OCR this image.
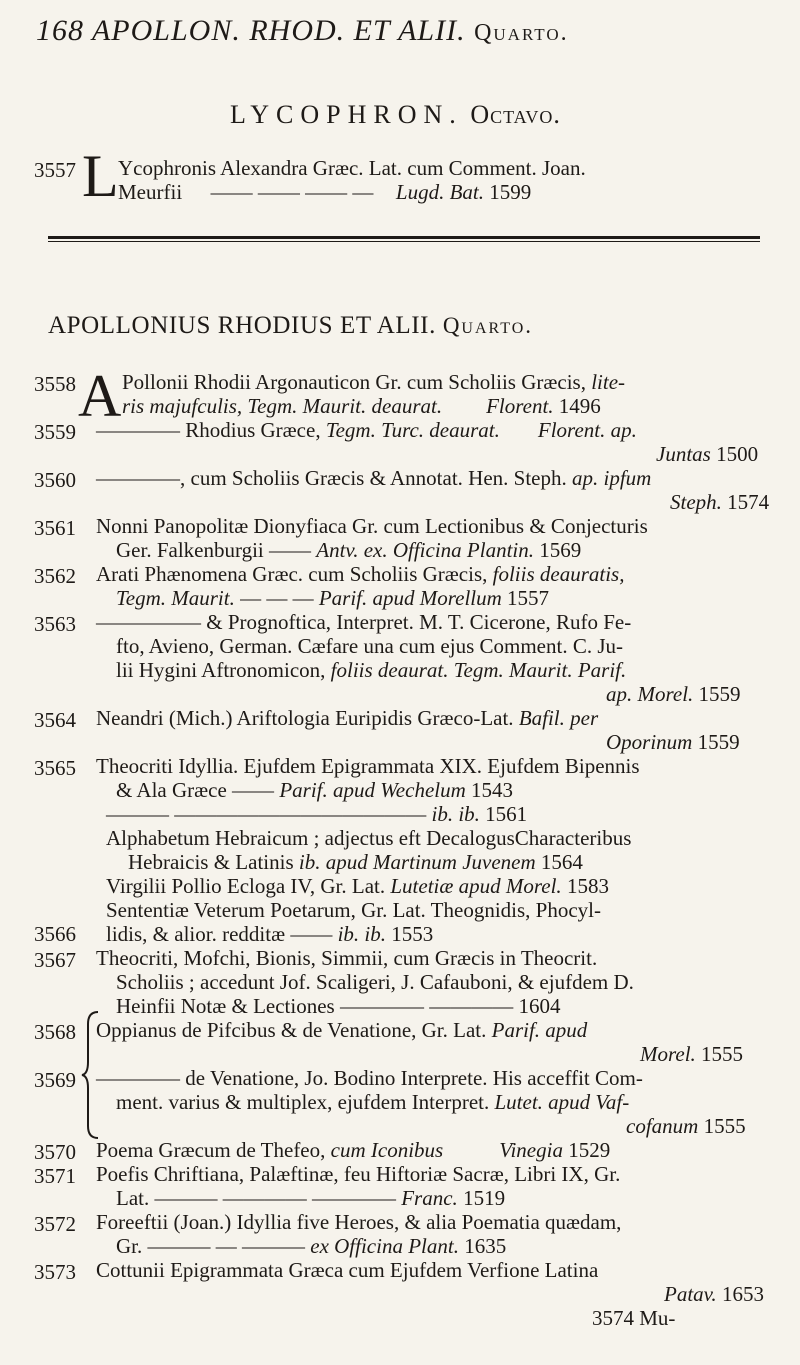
168 APOLLON. RHOD. ET ALII. Quarto.
LYCOPHRON. Octavo.
3557 L Ycophronis Alexandra Græc. Lat. cum Comment. Joan.
Meurfii —— —— —— — Lugd. Bat. 1599
APOLLONIUS RHODIUS ET ALII. Quarto.
3558 A Pollonii Rhodii Argonauticon Gr. cum Scholiis Græcis, lite-
ris majufculis, Tegm. Maurit. deaurat. Florent. 1496
3559 ———— Rhodius Græce, Tegm. Turc. deaurat. Florent. ap.
Juntas 1500
3560 ————, cum Scholiis Græcis & Annotat. Hen. Steph. ap. ipfum
Steph. 1574
3561 Nonni Panopolitæ Dionyfiaca Gr. cum Lectionibus & Conjecturis
Ger. Falkenburgii —— Antv. ex. Officina Plantin. 1569
3562 Arati Phænomena Græc. cum Scholiis Græcis, foliis deauratis,
Tegm. Maurit. — — — Parif. apud Morellum 1557
3563 ————— & Prognoftica, Interpret. M. T. Cicerone, Rufo Fe-
fto, Avieno, German. Cæfare una cum ejus Comment. C. Ju-
lii Hygini Aftronomicon, foliis deaurat. Tegm. Maurit. Parif.
ap. Morel. 1559
3564 Neandri (Mich.) Ariftologia Euripidis Græco-Lat. Bafil. per
Oporinum 1559
3565 Theocriti Idyllia. Ejufdem Epigrammata XIX. Ejufdem Bipennis
& Ala Græce —— Parif. apud Wechelum 1543
3566
——— ———————————— ib. ib. 1561
Alphabetum Hebraicum ; adjectus eft DecalogusCharacteribus
Hebraicis & Latinis ib. apud Martinum Juvenem 1564
Virgilii Pollio Ecloga IV, Gr. Lat. Lutetiæ apud Morel. 1583
Sententiæ Veterum Poetarum, Gr. Lat. Theognidis, Phocyl-
lidis, & alior. redditæ —— ib. ib. 1553
3567 Theocriti, Mofchi, Bionis, Simmii, cum Græcis in Theocrit.
Scholiis ; accedunt Jof. Scaligeri, J. Cafauboni, & ejufdem D.
Heinfii Notæ & Lectiones ———— ———— 1604
3568 Oppianus de Pifcibus & de Venatione, Gr. Lat. Parif. apud
Morel. 1555
3569 ———— de Venatione, Jo. Bodino Interprete. His acceffit Com-
ment. varius & multiplex, ejufdem Interpret. Lutet. apud Vaf-
cofanum 1555
3570 Poema Græcum de Thefeo, cum Iconibus	Vinegia 1529
3571 Poefis Chriftiana, Palæftinæ, feu Hiftoriæ Sacræ, Libri IX, Gr.
Lat. ——— ———— ———— Franc. 1519
3572 Foreeftii (Joan.) Idyllia five Heroes, & alia Poematia quædam,
Gr. ——— — ——— ex Officina Plant. 1635
3573 Cottunii Epigrammata Græca cum Ejufdem Verfione Latina
Patav. 1653
3574 Mu-
